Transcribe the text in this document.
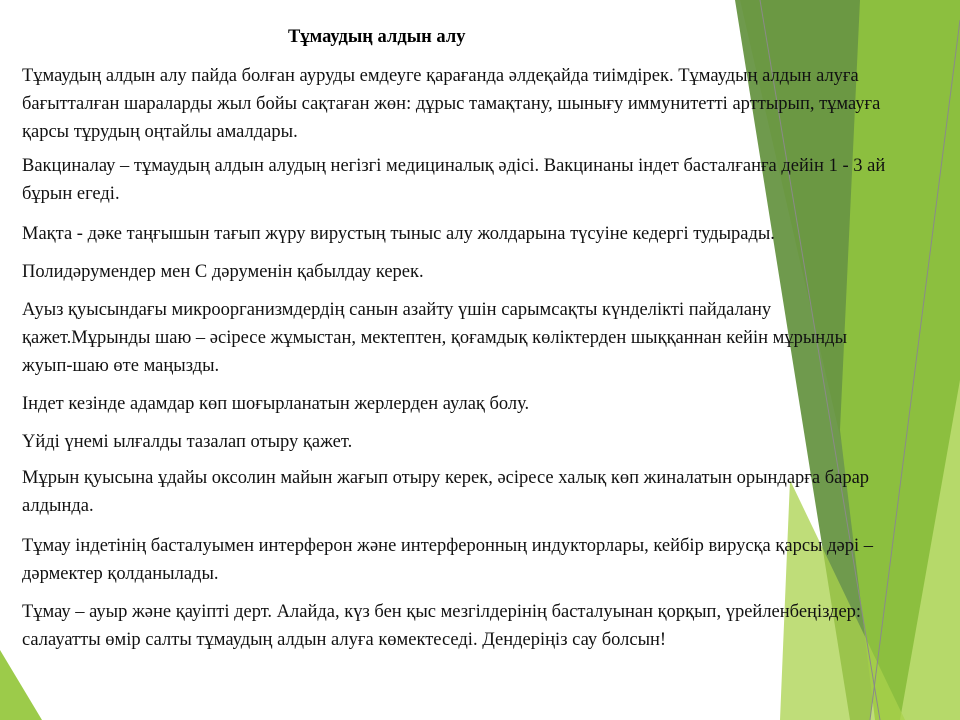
Тұмаудың алдын алу

Тұмаудың алдын алу пайда болған ауруды емдеуге қарағанда әлдеқайда тиімдірек. Тұмаудың алдын алуға бағытталған шараларды жыл бойы сақтаған жөн: дұрыс тамақтану, шынығу иммунитетті арттырып, тұмауға қарсы тұрудың оңтайлы амалдары.

Вакциналау – тұмаудың алдын алудың негізгі медициналық әдісі. Вакцинаны індет басталғанға дейін 1 - 3 ай бұрын егеді.

Мақта - дәке таңғышын тағып жүру вирустың тыныс алу жолдарына түсуіне кедергі тудырады.

Полидәрумендер мен С дәруменін қабылдау керек.

Ауыз қуысындағы микроорганизмдердің санын азайту үшін сарымсақты күнделікті пайдалану қажет.Мұрынды шаю – әсіресе жұмыстан, мектептен, қоғамдық көліктерден шыққаннан кейін мұрынды жуып-шаю өте маңызды.

Індет кезінде адамдар көп шоғырланатын жерлерден аулақ болу.

Үйді үнемі ылғалды тазалап отыру қажет.

Мұрын қуысына ұдайы оксолин майын жағып отыру керек, әсіресе халық көп жиналатын орындарға барар алдында.

Тұмау індетінің басталуымен интерферон және интерферонның индукторлары, кейбір вирусқа қарсы дәрі – дәрмектер қолданылады.

Тұмау – ауыр және қауіпті дерт. Алайда, күз бен қыс мезгілдерінің басталуынан қорқып, үрейленбеңіздер: салауатты өмір салты тұмаудың алдын алуға көмектеседі. Дендеріңіз сау болсын!
